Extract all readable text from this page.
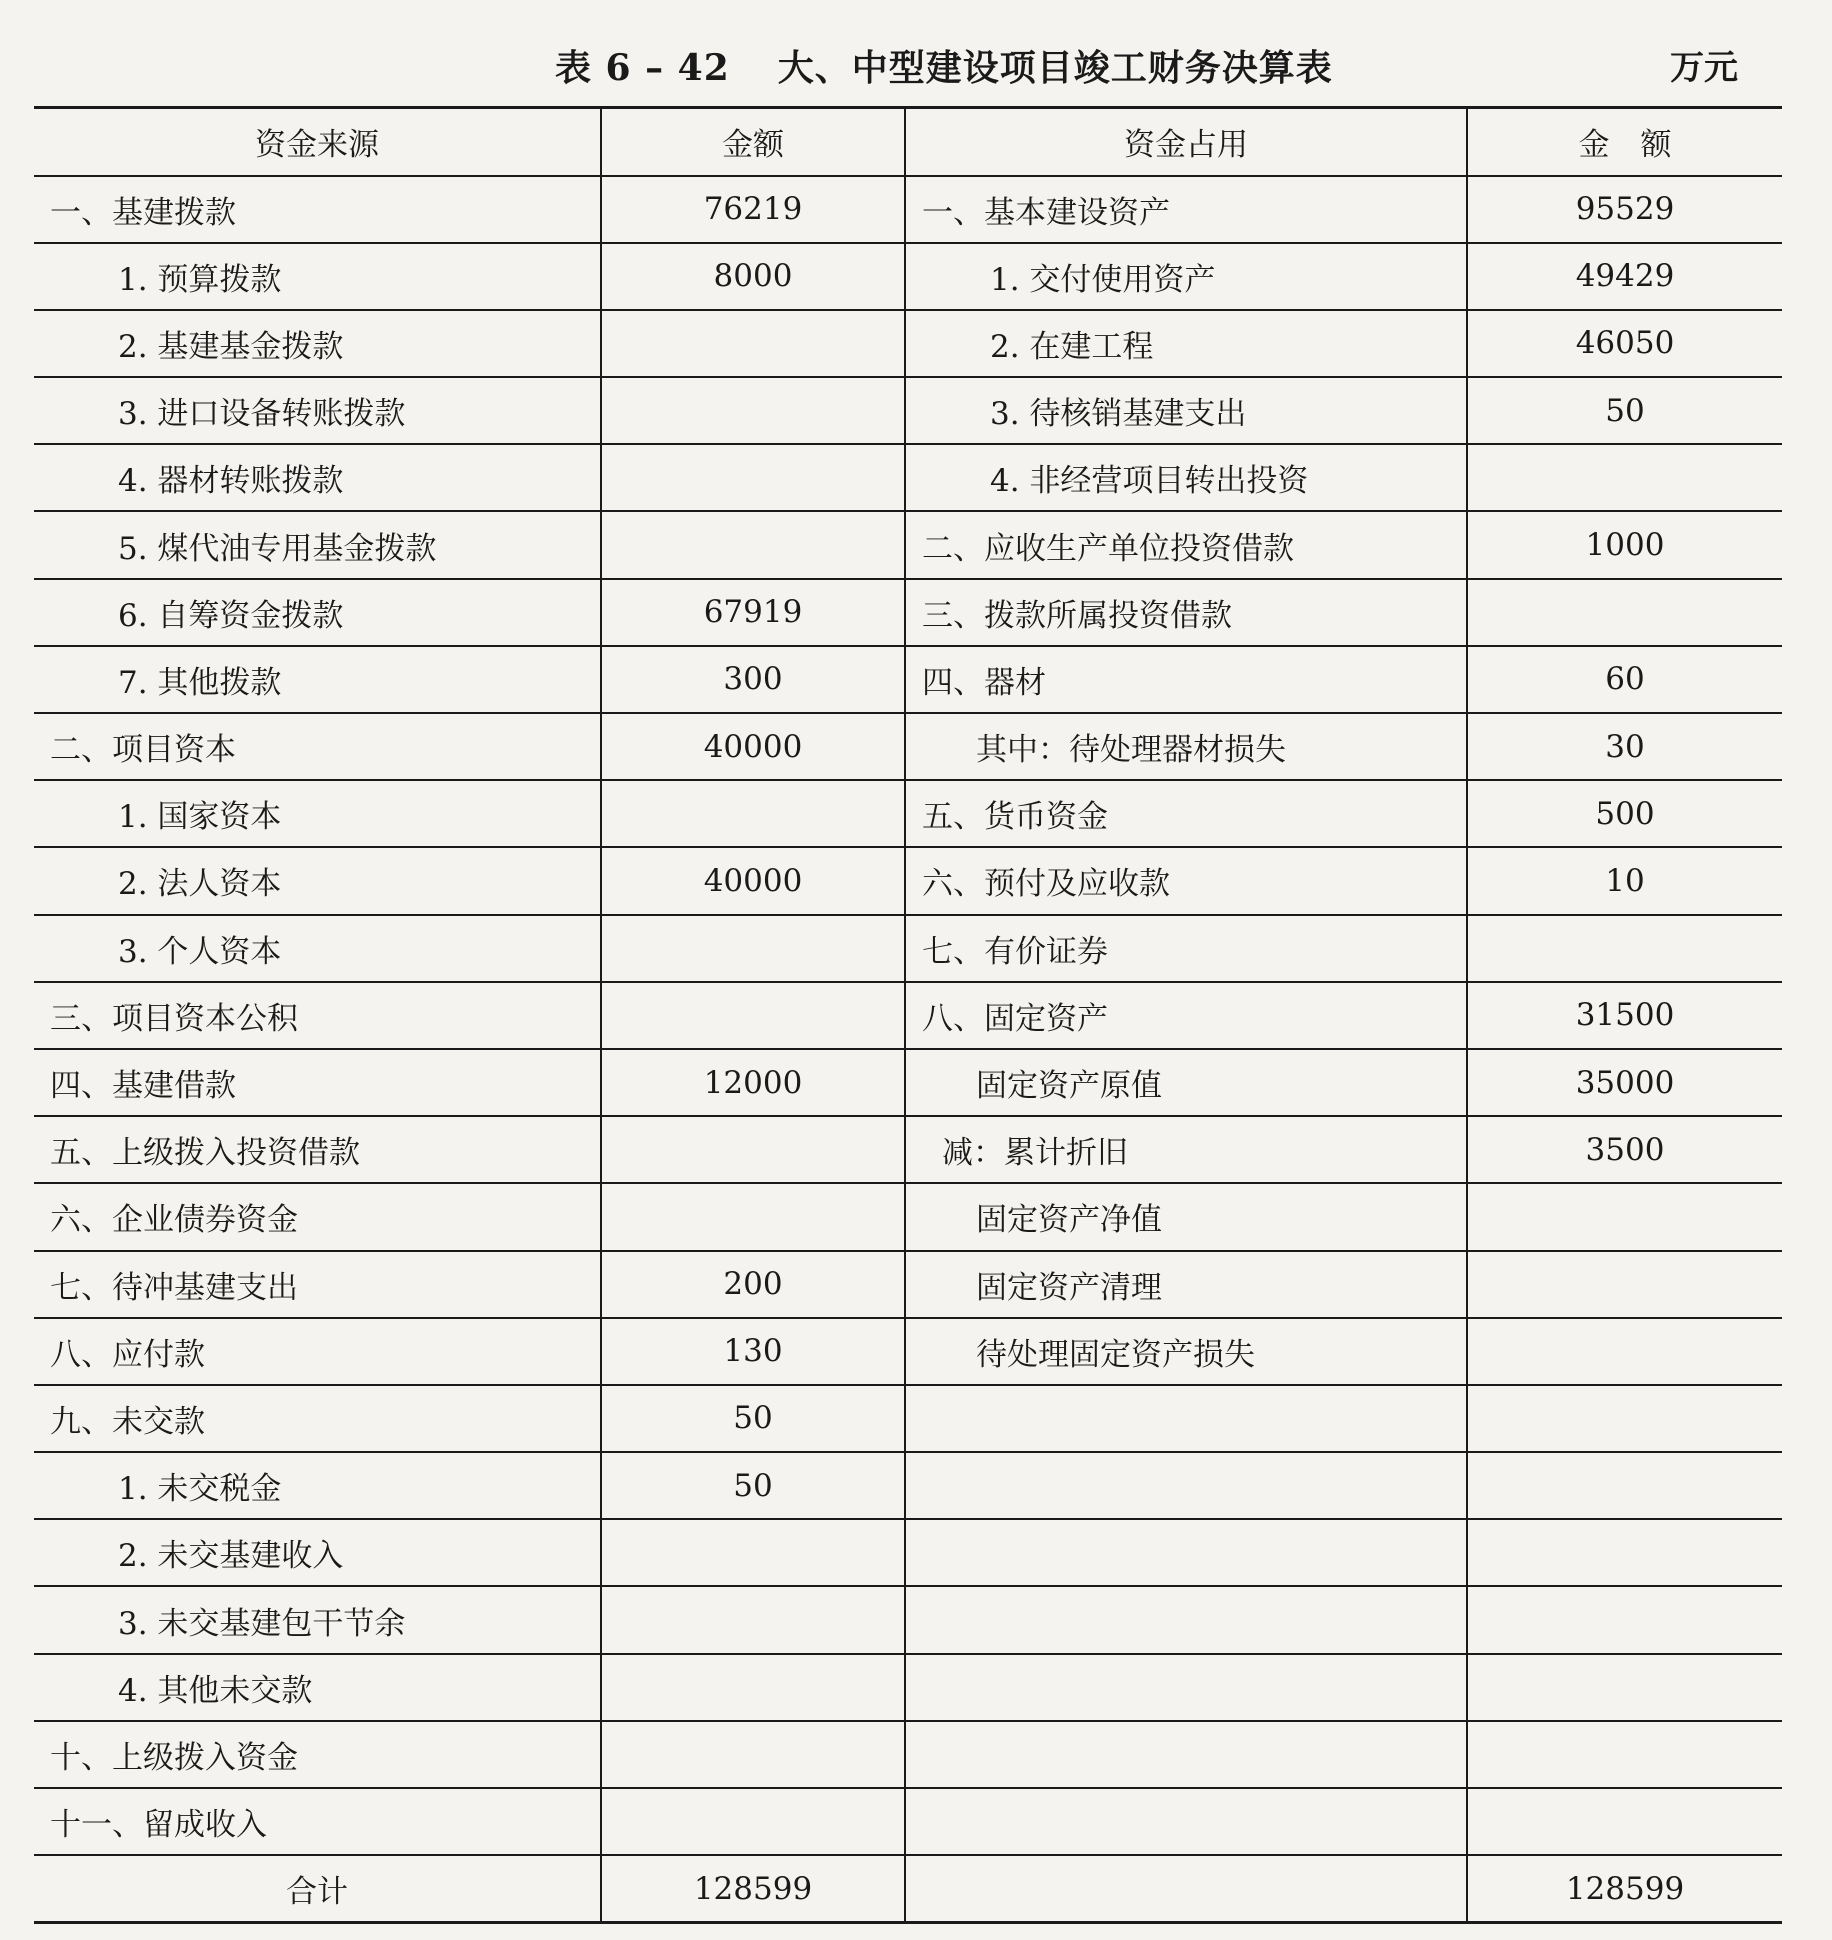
表 6 – 42 大、中型建设项目竣工财务决算表	万元
资金来源	金额	资金占用	金　额
一、基建拨款	76219	一、基本建设资产	95529
1. 预算拨款	8000	1. 交付使用资产	49429
2. 基建基金拨款		2. 在建工程	46050
3. 进口设备转账拨款		3. 待核销基建支出	50
4. 器材转账拨款		4. 非经营项目转出投资	
5. 煤代油专用基金拨款		二、应收生产单位投资借款	1000
6. 自筹资金拨款	67919	三、拨款所属投资借款	
7. 其他拨款	300	四、器材	60
二、项目资本	40000	其中：待处理器材损失	30
1. 国家资本		五、货币资金	500
2. 法人资本	40000	六、预付及应收款	10
3. 个人资本		七、有价证券	
三、项目资本公积		八、固定资产	31500
四、基建借款	12000	固定资产原值	35000
五、上级拨入投资借款		减：累计折旧	3500
六、企业债券资金		固定资产净值	
七、待冲基建支出	200	固定资产清理	
八、应付款	130	待处理固定资产损失	
九、未交款	50		
1. 未交税金	50		
2. 未交基建收入			
3. 未交基建包干节余			
4. 其他未交款			
十、上级拨入资金			
十一、留成收入			
合计	128599		128599
